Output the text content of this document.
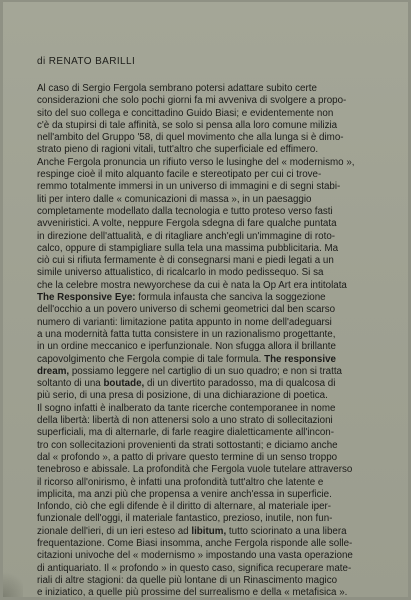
di RENATO BARILLI
Al caso di Sergio Fergola sembrano potersi adattare subito certe
considerazioni che solo pochi giorni fa mi avveniva di svolgere a propo-
sito del suo collega e concittadino Guido Biasi; e evidentemente non
c'è da stupirsi di tale affinità, se solo si pensa alla loro comune milizia
nell'ambito del Gruppo '58, di quel movimento che alla lunga si è dimo-
strato pieno di ragioni vitali, tutt'altro che superficiale ed effimero.
Anche Fergola pronuncia un rifiuto verso le lusinghe del « modernismo »,
respinge cioè il mito alquanto facile e stereotipato per cui ci trove-
remmo totalmente immersi in un universo di immagini e di segni stabi-
liti per intero dalle « comunicazioni di massa », in un paesaggio
completamente modellato dalla tecnologia e tutto proteso verso fasti
avveniristici. A volte, neppure Fergola sdegna di fare qualche puntata
in direzione dell'attualità, e di ritagliare anch'egli un'immagine di roto-
calco, oppure di stampigliare sulla tela una massima pubblicitaria. Ma
ciò cui si rifiuta fermamente è di consegnarsi mani e piedi legati a un
simile universo attualistico, di ricalcarlo in modo pedissequo. Si sa
che la celebre mostra newyorchese da cui è nata la Op Art era intitolata
The Responsive Eye: formula infausta che sanciva la soggezione
dell'occhio a un povero universo di schemi geometrici dal ben scarso
numero di varianti: limitazione patita appunto in nome dell'adeguarsi
a una modernità fatta tutta consistere in un razionalismo progettante,
in un ordine meccanico e iperfunzionale. Non sfugga allora il brillante
capovolgimento che Fergola compie di tale formula. The responsive
dream, possiamo leggere nel cartiglio di un suo quadro; e non si tratta
soltanto di una boutade, di un divertito paradosso, ma di qualcosa di
più serio, di una presa di posizione, di una dichiarazione di poetica.
Il sogno infatti è inalberato da tante ricerche contemporanee in nome
della libertà: libertà di non attenersi solo a uno strato di sollecitazioni
superficiali, ma di alternarle, di farle reagire dialetticamente all'incon-
tro con sollecitazioni provenienti da strati sottostanti; e diciamo anche
dal « profondo », a patto di privare questo termine di un senso troppo
tenebroso e abissale. La profondità che Fergola vuole tutelare attraverso
il ricorso all'onirismo, è infatti una profondità tutt'altro che latente e
implicita, ma anzi più che propensa a venire anch'essa in superficie.
Infondo, ciò che egli difende è il diritto di alternare, al materiale iper-
funzionale dell'oggi, il materiale fantastico, prezioso, inutile, non fun-
zionale dell'ieri, di un ieri esteso ad libitum, tutto sciorinato a una libera
frequentazione. Come Biasi insomma, anche Fergola risponde alle solle-
citazioni univoche del « modernismo » impostando una vasta operazione
di antiquariato. Il « profondo » in questo caso, significa recuperare mate-
riali di altre stagioni: da quelle più lontane di un Rinascimento magico
e iniziatico, a quelle più prossime del surrealismo e della « metafisica ».
